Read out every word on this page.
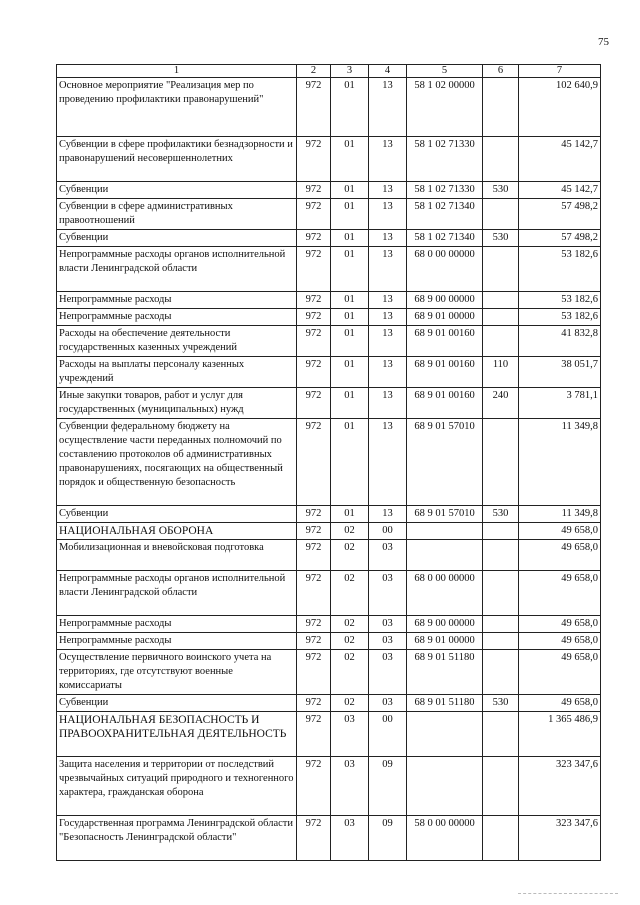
75
1	2	3	4	5	6	7
Основное мероприятие "Реализация мер по проведению профилактики правонарушений"	972	01	13	58 1 02 00000		102 640,9
Субвенции в сфере профилактики безнадзорности и правонарушений несовершеннолетних	972	01	13	58 1 02 71330		45 142,7
Субвенции	972	01	13	58 1 02 71330	530	45 142,7
Субвенции в сфере административных правоотношений	972	01	13	58 1 02 71340		57 498,2
Субвенции	972	01	13	58 1 02 71340	530	57 498,2
Непрограммные расходы органов исполнительной власти Ленинградской области	972	01	13	68 0 00 00000		53 182,6
Непрограммные расходы	972	01	13	68 9 00 00000		53 182,6
Непрограммные расходы	972	01	13	68 9 01 00000		53 182,6
Расходы на обеспечение деятельности государственных казенных учреждений	972	01	13	68 9 01 00160		41 832,8
Расходы на выплаты персоналу казенных учреждений	972	01	13	68 9 01 00160	110	38 051,7
Иные закупки товаров, работ и услуг для государственных (муниципальных) нужд	972	01	13	68 9 01 00160	240	3 781,1
Субвенции федеральному бюджету на осуществление части переданных полномочий по составлению протоколов об административных правонарушениях, посягающих на общественный порядок и общественную безопасность	972	01	13	68 9 01 57010		11 349,8
Субвенции	972	01	13	68 9 01 57010	530	11 349,8
НАЦИОНАЛЬНАЯ ОБОРОНА	972	02	00			49 658,0
Мобилизационная и вневойсковая подготовка	972	02	03			49 658,0
Непрограммные расходы органов исполнительной власти Ленинградской области	972	02	03	68 0 00 00000		49 658,0
Непрограммные расходы	972	02	03	68 9 00 00000		49 658,0
Непрограммные расходы	972	02	03	68 9 01 00000		49 658,0
Осуществление первичного воинского учета на территориях, где отсутствуют военные комиссариаты	972	02	03	68 9 01 51180		49 658,0
Субвенции	972	02	03	68 9 01 51180	530	49 658,0
НАЦИОНАЛЬНАЯ БЕЗОПАСНОСТЬ И ПРАВООХРАНИТЕЛЬНАЯ ДЕЯТЕЛЬНОСТЬ	972	03	00			1 365 486,9
Защита населения и территории от последствий чрезвычайных ситуаций природного и техногенного характера, гражданская оборона	972	03	09			323 347,6
Государственная программа Ленинградской области "Безопасность Ленинградской области"	972	03	09	58 0 00 00000		323 347,6
